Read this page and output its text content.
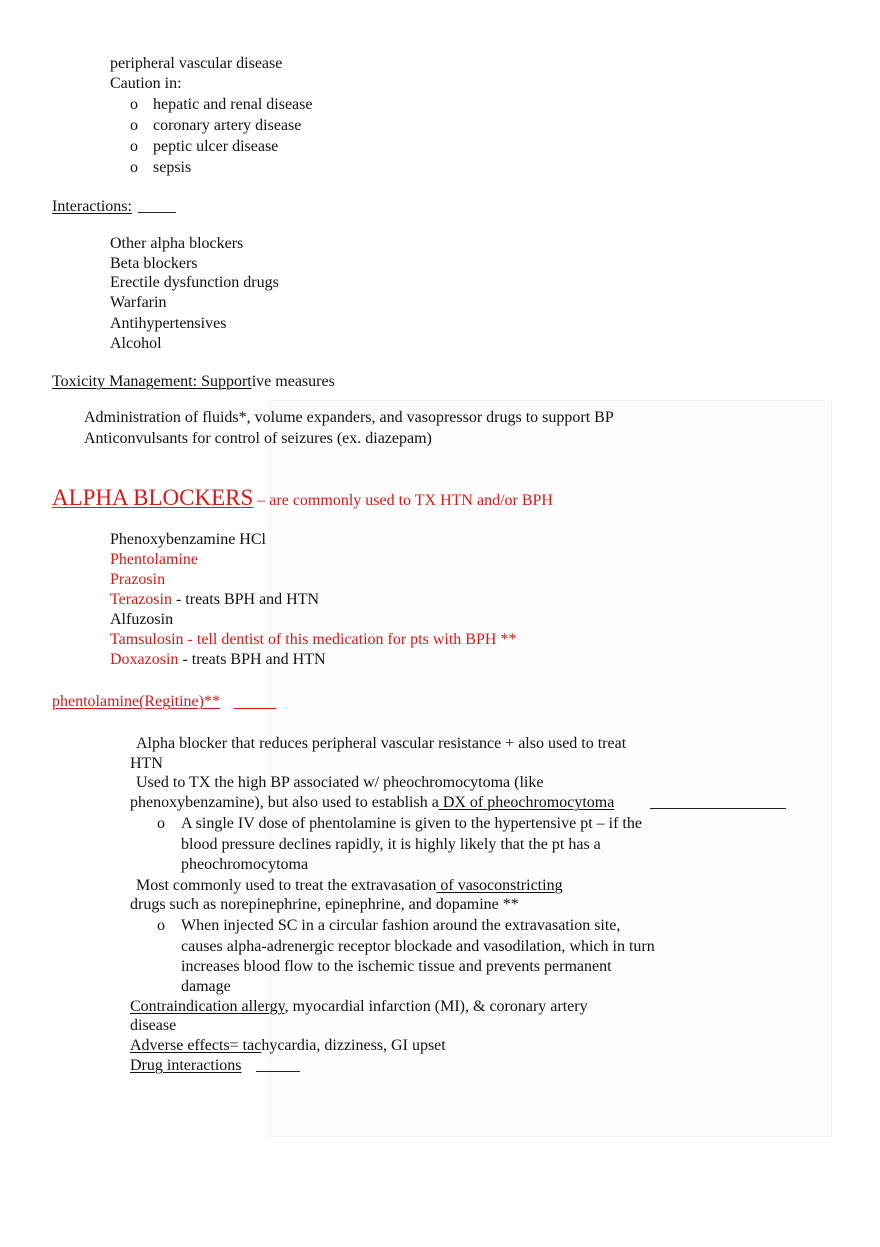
peripheral vascular disease
Caution in:
o hepatic and renal disease
o coronary artery disease
o peptic ulcer disease
o sepsis
Interactions:
Other alpha blockers
Beta blockers
Erectile dysfunction drugs
Warfarin
Antihypertensives
Alcohol
Toxicity Management: Supportive measures
Administration of fluids*, volume expanders, and vasopressor drugs to support BP
Anticonvulsants for control of seizures (ex. diazepam)
ALPHA BLOCKERS – are commonly used to TX HTN and/or BPH
Phenoxybenzamine HCl
Phentolamine
Prazosin
Terazosin - treats BPH and HTN
Alfuzosin
Tamsulosin - tell dentist of this medication for pts with BPH **
Doxazosin - treats BPH and HTN
phentolamine(Regitine)**
Alpha blocker that reduces peripheral vascular resistance + also used to treat
HTN
Used to TX the high BP associated w/ pheochromocytoma (like
phenoxybenzamine), but also used to establish a DX of pheochromocytoma
o A single IV dose of phentolamine is given to the hypertensive pt – if the
blood pressure declines rapidly, it is highly likely that the pt has a
pheochromocytoma
Most commonly used to treat the extravasation of vasoconstricting
drugs such as norepinephrine, epinephrine, and dopamine **
o When injected SC in a circular fashion around the extravasation site,
causes alpha-adrenergic receptor blockade and vasodilation, which in turn
increases blood flow to the ischemic tissue and prevents permanent
damage
Contraindication allergy, myocardial infarction (MI), & coronary artery
disease
Adverse effects= tachycardia, dizziness, GI upset
Drug interactions
